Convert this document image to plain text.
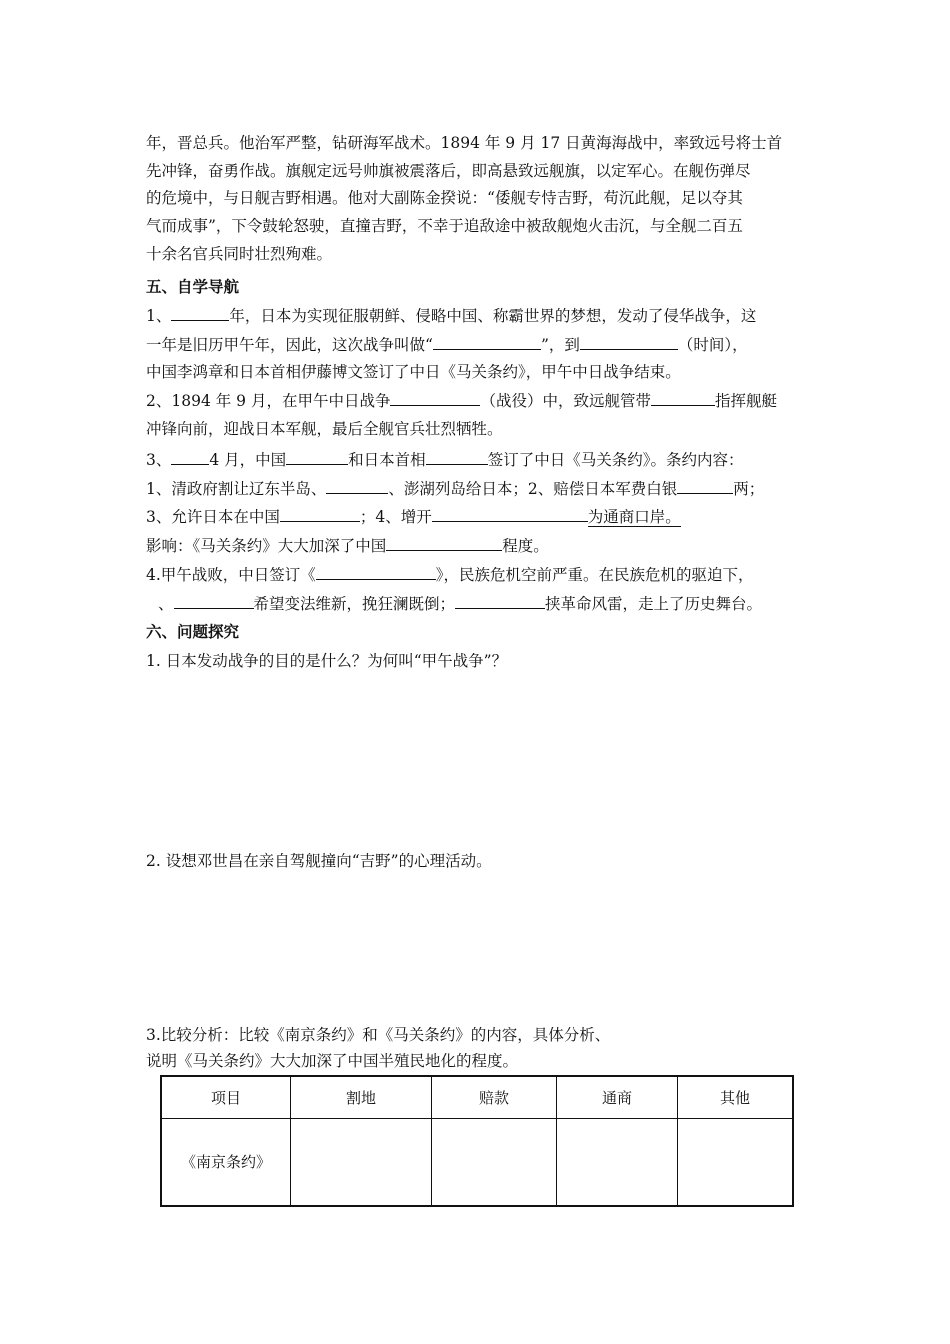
年，晋总兵。他治军严整，钻研海军战术。1894 年 9 月 17 日黄海海战中，率致远号将士首
先冲锋，奋勇作战。旗舰定远号帅旗被震落后，即高悬致远舰旗，以定军心。在舰伤弹尽
的危境中，与日舰吉野相遇。他对大副陈金揆说：“倭舰专恃吉野，苟沉此舰，足以夺其
气而成事”，下令鼓轮怒驶，直撞吉野，不幸于追敌途中被敌舰炮火击沉，与全舰二百五
十余名官兵同时壮烈殉难。
五、自学导航
1、	年，日本为实现征服朝鲜、侵略中国、称霸世界的梦想，发动了侵华战争，这
一年是旧历甲午年，因此，这次战争叫做“	”，到	（时间），
中国李鸿章和日本首相伊藤博文签订了中日《马关条约》，甲午中日战争结束。
2、1894 年 9 月，在甲午中日战争	（战役）中，致远舰管带	指挥舰艇
冲锋向前，迎战日本军舰，最后全舰官兵壮烈牺牲。
3、 4 月，中国	和日本首相	签订了中日《马关条约》。条约内容：
1、清政府割让辽东半岛、	、澎湖列岛给日本；2、赔偿日本军费白银	两；
3、允许日本在中国	；4、增开	为通商口岸。
影响：《马关条约》大大加深了中国	程度。
4.甲午战败，中日签订《	》，民族危机空前严重。在民族危机的驱迫下，
、	希望变法维新，挽狂澜既倒；	挟革命风雷，走上了历史舞台。
六、问题探究
1. 日本发动战争的目的是什么？为何叫“甲午战争”？
2. 设想邓世昌在亲自驾舰撞向“吉野”的心理活动。
3.比较分析：比较《南京条约》和《马关条约》的内容，具体分析、
说明《马关条约》大大加深了中国半殖民地化的程度。
项目	割地	赔款	通商	其他
《南京条约》				
